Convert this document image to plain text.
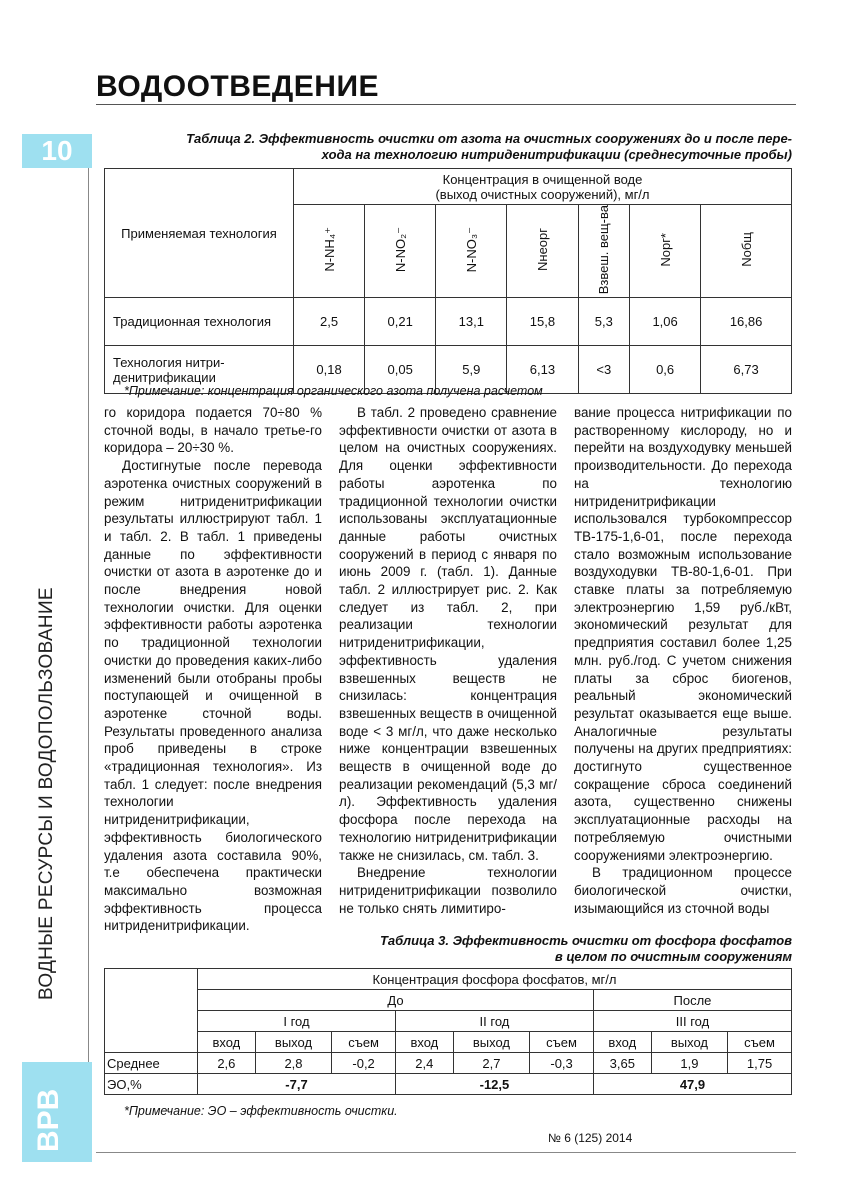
ВОДООТВЕДЕНИЕ
10
ВОДНЫЕ РЕСУРСЫ И ВОДОПОЛЬЗОВАНИЕ
ВРВ
Таблица 2. Эффективность очистки от азота на очистных сооружениях до и после пере-
хода на технологию нитриденитрификации (среднесуточные пробы)
Применяемая технология	Концентрация в очищенной воде
(выход очистных сооружений), мг/л						

	N-NH₄⁺	N-NO₂⁻	N-NO₃⁻	Nнеорг	Взвеш. вещ-ва	Nорг*	Nобщ
Традиционная технология	2,5	0,21	13,1	15,8	5,3	1,06	16,86
Технология нитри-денитрификации	0,18	0,05	5,9	6,13	<3	0,6	6,73
*Примечание: концентрация органического азота получена расчетом

го коридора подается 70÷80 % сточной воды, в начало третье-го коридора – 20÷30 %.

Достигнутые после перевода аэротенка очистных сооружений в режим нитриденитрификации результаты иллюстрируют табл. 1 и табл. 2. В табл. 1 приведены данные по эффективности очистки от азота в аэротенке до и после внедрения новой технологии очистки. Для оценки эффективности работы аэротенка по традиционной технологии очистки до проведения каких-либо изменений были отобраны пробы поступающей и очищенной в аэротенке сточной воды. Результаты проведенного анализа проб приведены в строке «традиционная технология». Из табл. 1 следует: после внедрения технологии нитриденитрификации, эффективность биологического удаления азота составила 90%, т.е обеспечена практически максимально возможная эффективность процесса нитриденитрификации.

В табл. 2 проведено сравнение эффективности очистки от азота в целом на очистных сооружениях. Для оценки эффективности работы аэротенка по традиционной технологии очистки использованы эксплуатационные данные работы очистных сооружений в период с января по июнь 2009 г. (табл. 1). Данные табл. 2 иллюстрирует рис. 2. Как следует из табл. 2, при реализации технологии нитриденитрификации, эффективность удаления взвешенных веществ не снизилась: концентрация взвешенных веществ в очищенной воде < 3 мг/л, что даже несколько ниже концентрации взвешенных веществ в очищенной воде до реализации рекомендаций (5,3 мг/л). Эффективность удаления фосфора после перехода на технологию нитриденитрификации также не снизилась, см. табл. 3.

Внедрение технологии нитриденитрификации позволило не только снять лимитиро-

вание процесса нитрификации по растворенному кислороду, но и перейти на воздуходувку меньшей производительности. До перехода на технологию нитриденитрификации использовался турбокомпрессор ТВ-175-1,6-01, после перехода стало возможным использование воздуходувки ТВ-80-1,6-01. При ставке платы за потребляемую электроэнергию 1,59 руб./кВт, экономический результат для предприятия составил более 1,25 млн. руб./год. С учетом снижения платы за сброс биогенов, реальный экономический результат оказывается еще выше. Аналогичные результаты получены на других предприятиях: достигнуто существенное сокращение сброса соединений азота, существенно снижены эксплуатационные расходы на потребляемую очистными сооружениями электроэнергию.

В традиционном процессе биологической очистки, изымающийся из сточной воды

Таблица 3. Эффективность очистки от фосфора фосфатов
в целом по очистным сооружениям
	Концентрация фосфора фосфатов, мг/л								
	До						После		
	I год			II год			III год		
	вход	выход	съем	вход	выход	съем	вход	выход	съем
Среднее	2,6	2,8	-0,2	2,4	2,7	-0,3	3,65	1,9	1,75
ЭО,%	-7,7			-12,5			47,9		
*Примечание: ЭО – эффективность очистки.
№ 6 (125) 2014
